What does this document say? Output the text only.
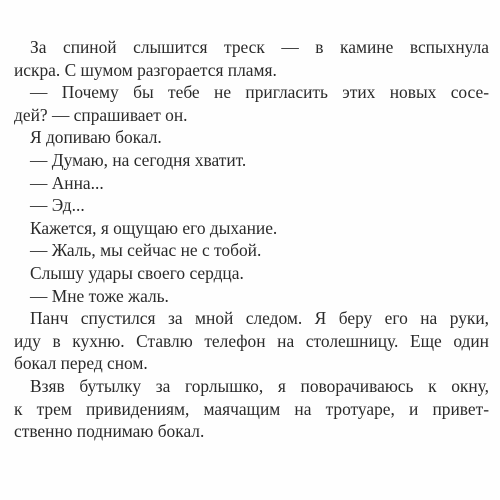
За спиной слышится треск — в камине вспыхнула
искра. С шумом разгорается пламя.
— Почему бы тебе не пригласить этих новых сосе-
дей? — спрашивает он.
Я допиваю бокал.
— Думаю, на сегодня хватит.
— Анна...
— Эд...
Кажется, я ощущаю его дыхание.
— Жаль, мы сейчас не с тобой.
Слышу удары своего сердца.
— Мне тоже жаль.
Панч спустился за мной следом. Я беру его на руки,
иду в кухню. Ставлю телефон на столешницу. Еще один
бокал перед сном.
Взяв бутылку за горлышко, я поворачиваюсь к окну,
к трем привидениям, маячащим на тротуаре, и привет-
ственно поднимаю бокал.
